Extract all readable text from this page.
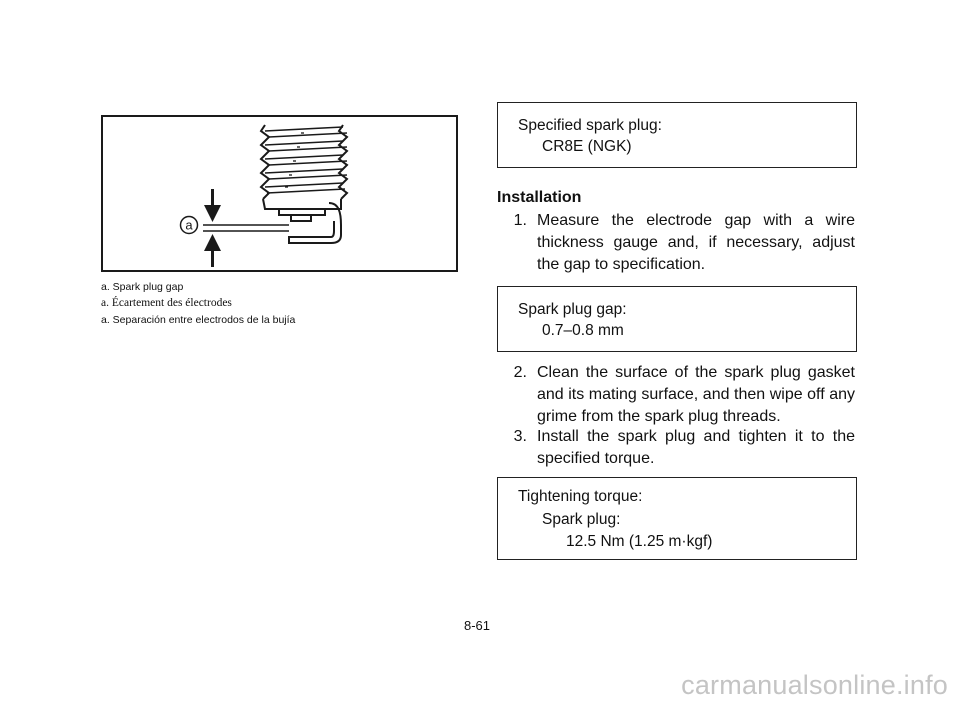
a
a. Spark plug gap
a. Écartement des électrodes
a. Separación entre electrodos de la bujía
Specified spark plug:
CR8E (NGK)
Installation
1. Measure the electrode gap with a wire thickness gauge and, if necessary, adjust the gap to specification.
Spark plug gap:
0.7–0.8 mm
2. Clean the surface of the spark plug gasket and its mating surface, and then wipe off any grime from the spark plug threads.
3. Install the spark plug and tighten it to the specified torque.
Tightening torque:
Spark plug:
12.5 Nm (1.25 m·kgf)
8-61
carmanualsonline.info
